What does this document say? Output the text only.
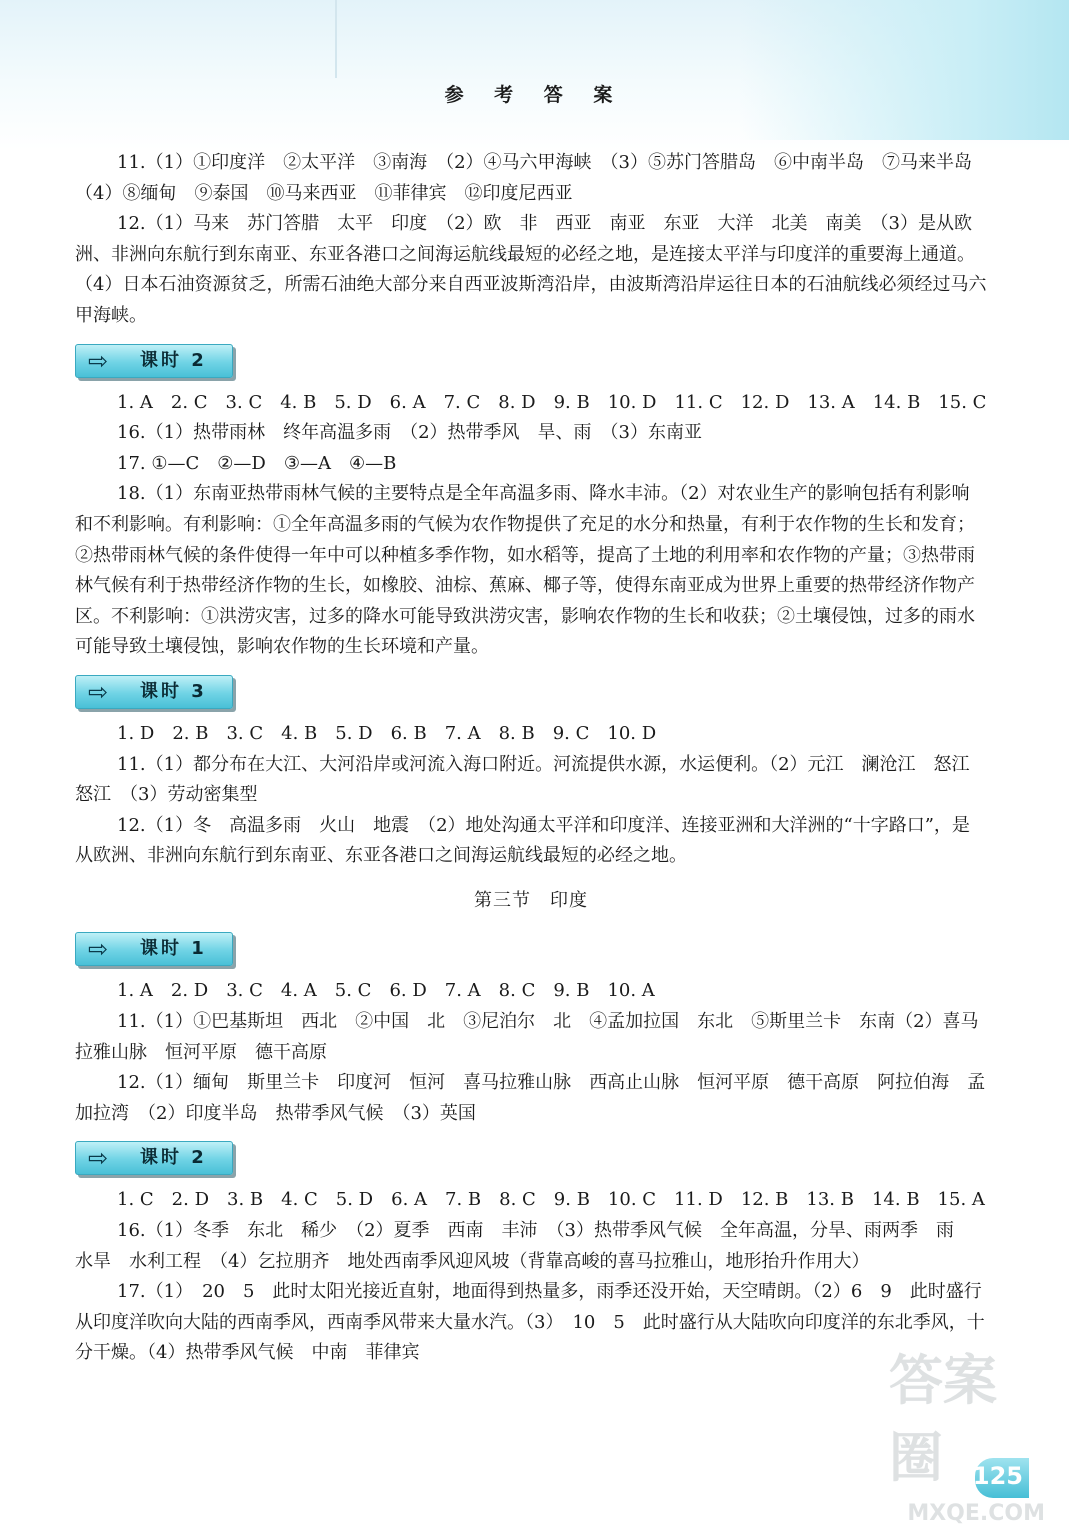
参 考 答 案

11.（1）①印度洋　②太平洋　③南海　（2）④马六甲海峡　（3）⑤苏门答腊岛　⑥中南半岛　⑦马来半岛　（4）⑧缅甸　⑨泰国　⑩马来西亚　⑪菲律宾　⑫印度尼西亚

12.（1）马来　苏门答腊　太平　印度　（2）欧　非　西亚　南亚　东亚　大洋　北美　南美　（3）是从欧洲、非洲向东航行到东南亚、东亚各港口之间海运航线最短的必经之地，是连接太平洋与印度洋的重要海上通道。（4）日本石油资源贫乏，所需石油绝大部分来自西亚波斯湾沿岸，由波斯湾沿岸运往日本的石油航线必须经过马六甲海峡。

⇨ 课时 2

1. A　2. C　3. C　4. B　5. D　6. A　7. C　8. D　9. B　10. D　11. C　12. D　13. A　14. B　15. C

16.（1）热带雨林　终年高温多雨　（2）热带季风　旱、雨　（3）东南亚

17. ①—C　②—D　③—A　④—B

18.（1）东南亚热带雨林气候的主要特点是全年高温多雨、降水丰沛。（2）对农业生产的影响包括有利影响和不利影响。有利影响：①全年高温多雨的气候为农作物提供了充足的水分和热量，有利于农作物的生长和发育；②热带雨林气候的条件使得一年中可以种植多季作物，如水稻等，提高了土地的利用率和农作物的产量；③热带雨林气候有利于热带经济作物的生长，如橡胶、油棕、蕉麻、椰子等，使得东南亚成为世界上重要的热带经济作物产区。不利影响：①洪涝灾害，过多的降水可能导致洪涝灾害，影响农作物的生长和收获；②土壤侵蚀，过多的雨水可能导致土壤侵蚀，影响农作物的生长环境和产量。

⇨ 课时 3

1. D　2. B　3. C　4. B　5. D　6. B　7. A　8. B　9. C　10. D

11.（1）都分布在大江、大河沿岸或河流入海口附近。河流提供水源，水运便利。（2）元江　澜沧江　怒江　怒江　（3）劳动密集型

12.（1）冬　高温多雨　火山　地震　（2）地处沟通太平洋和印度洋、连接亚洲和大洋洲的“十字路口”，是从欧洲、非洲向东航行到东南亚、东亚各港口之间海运航线最短的必经之地。

第三节　印度
⇨ 课时 1

1. A　2. D　3. C　4. A　5. C　6. D　7. A　8. C　9. B　10. A

11.（1）①巴基斯坦　西北　②中国　北　③尼泊尔　北　④孟加拉国　东北　⑤斯里兰卡　东南（2）喜马拉雅山脉　恒河平原　德干高原

12.（1）缅甸　斯里兰卡　印度河　恒河　喜马拉雅山脉　西高止山脉　恒河平原　德干高原　阿拉伯海　孟加拉湾　（2）印度半岛　热带季风气候　（3）英国

⇨ 课时 2

1. C　2. D　3. B　4. C　5. D　6. A　7. B　8. C　9. B　10. C　11. D　12. B　13. B　14. B　15. A

16.（1）冬季　东北　稀少　（2）夏季　西南　丰沛　（3）热带季风气候　全年高温，分旱、雨两季　雨　水旱　水利工程　（4）乞拉朋齐　地处西南季风迎风坡（背靠高峻的喜马拉雅山，地形抬升作用大）

17.（1）　20　5　此时太阳光接近直射，地面得到热量多，雨季还没开始，天空晴朗。（2）6　9　此时盛行从印度洋吹向大陆的西南季风，西南季风带来大量水汽。（3）　10　5　此时盛行从大陆吹向印度洋的东北季风，十分干燥。（4）热带季风气候　中南　菲律宾

125
答案圈
MXQE.COM
